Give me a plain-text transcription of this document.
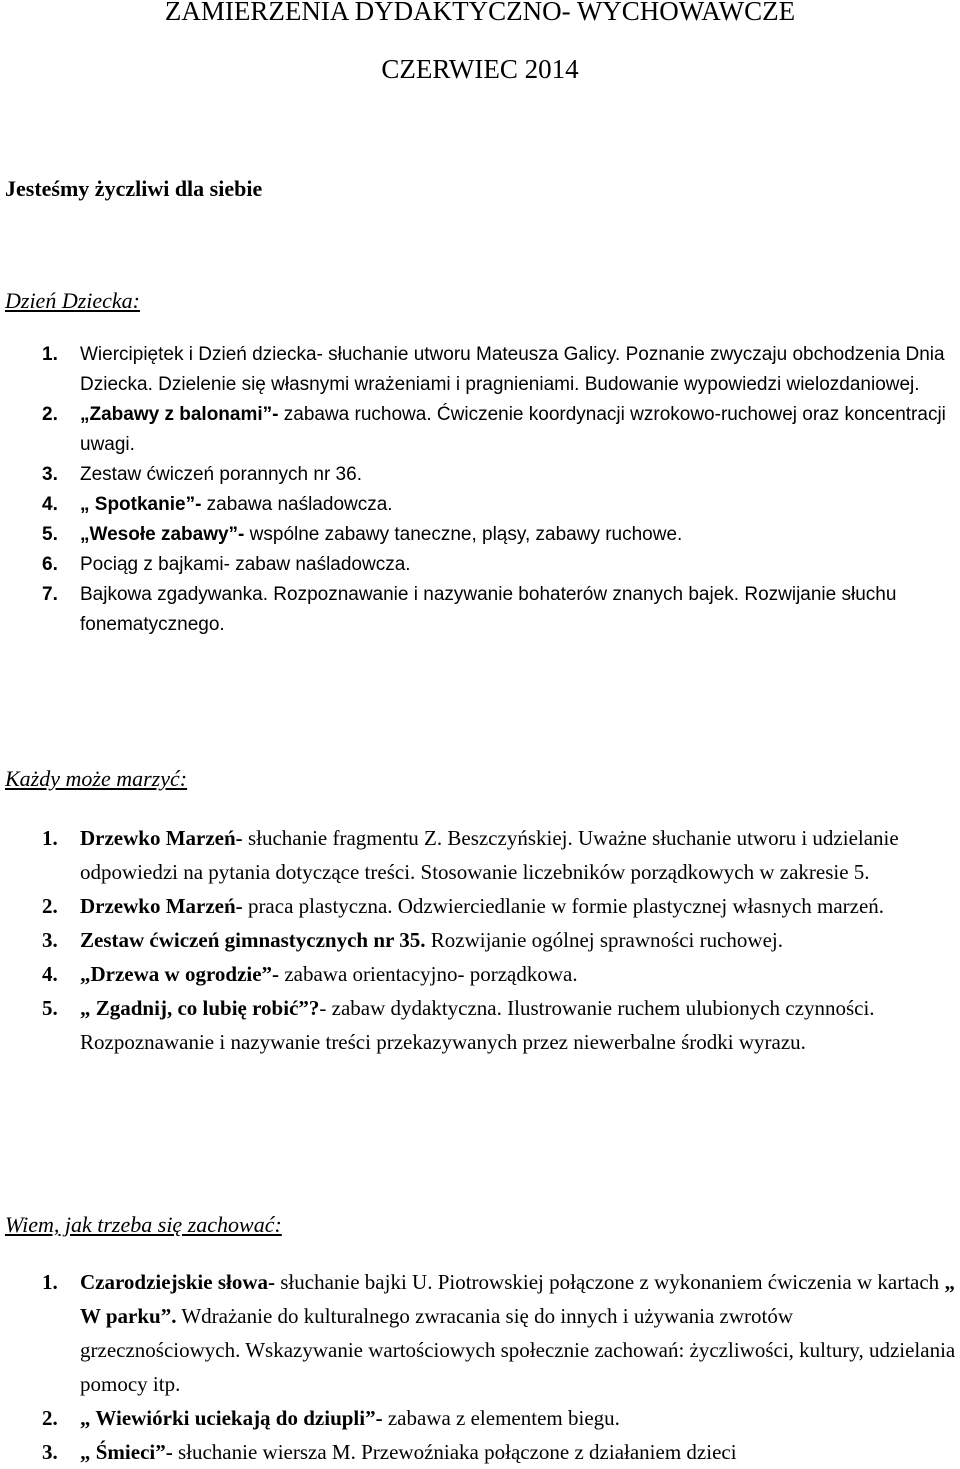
ZAMIERZENIA DYDAKTYCZNO- WYCHOWAWCZE
CZERWIEC 2014

Jesteśmy życzliwi dla siebie

Dzień Dziecka:
1. Wiercipiętek i Dzień dziecka- słuchanie utworu Mateusza Galicy. Poznanie zwyczaju obchodzenia Dnia Dziecka. Dzielenie się własnymi wrażeniami i pragnieniami. Budowanie wypowiedzi wielozdaniowej.
2. „Zabawy z balonami”- zabawa ruchowa. Ćwiczenie koordynacji wzrokowo-ruchowej oraz koncentracji uwagi.
3. Zestaw ćwiczeń porannych nr 36.
4. „ Spotkanie”- zabawa naśladowcza.
5. „Wesołe zabawy”- wspólne zabawy taneczne, pląsy, zabawy ruchowe.
6. Pociąg z bajkami- zabaw naśladowcza.
7. Bajkowa zgadywanka. Rozpoznawanie i nazywanie bohaterów znanych bajek. Rozwijanie słuchu fonematycznego.
Każdy może marzyć:
1. Drzewko Marzeń- słuchanie fragmentu Z. Beszczyńskiej. Uważne słuchanie utworu i udzielanie odpowiedzi na pytania dotyczące treści. Stosowanie liczebników porządkowych w zakresie 5.
2. Drzewko Marzeń- praca plastyczna. Odzwierciedlanie w formie plastycznej własnych marzeń.
3. Zestaw ćwiczeń gimnastycznych nr 35. Rozwijanie ogólnej sprawności ruchowej.
4. „Drzewa w ogrodzie”- zabawa orientacyjno- porządkowa.
5. „ Zgadnij, co lubię robić”?- zabaw dydaktyczna. Ilustrowanie ruchem ulubionych czynności. Rozpoznawanie i nazywanie treści przekazywanych przez niewerbalne środki wyrazu.
Wiem, jak trzeba się zachować:
1. Czarodziejskie słowa- słuchanie bajki U. Piotrowskiej połączone z wykonaniem ćwiczenia w kartach „ W parku”. Wdrażanie do kulturalnego zwracania się do innych i używania zwrotów grzecznościowych. Wskazywanie wartościowych społecznie zachowań: życzliwości, kultury, udzielania pomocy itp.
2. „ Wiewiórki uciekają do dziupli”- zabawa z elementem biegu.
3. „ Śmieci”- słuchanie wiersza M. Przewoźniaka połączone z działaniem dzieci
